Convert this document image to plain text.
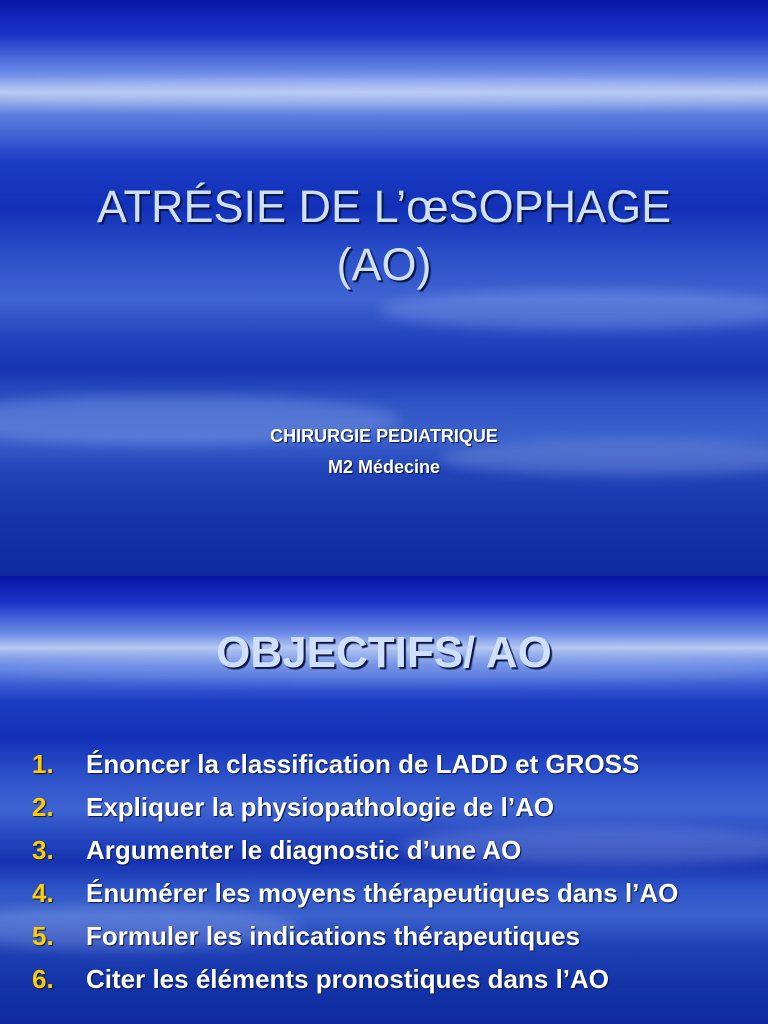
ATRÉSIE DE L’œSOPHAGE
(AO)
CHIRURGIE PEDIATRIQUE
M2 Médecine
OBJECTIFS/ AO
1.	Énoncer la classification de LADD et GROSS
2.	Expliquer la physiopathologie de l’AO
3.	Argumenter le diagnostic d’une AO
4.	Énumérer les moyens thérapeutiques dans l’AO
5.	Formuler les indications thérapeutiques
6.	Citer les éléments pronostiques dans l’AO
